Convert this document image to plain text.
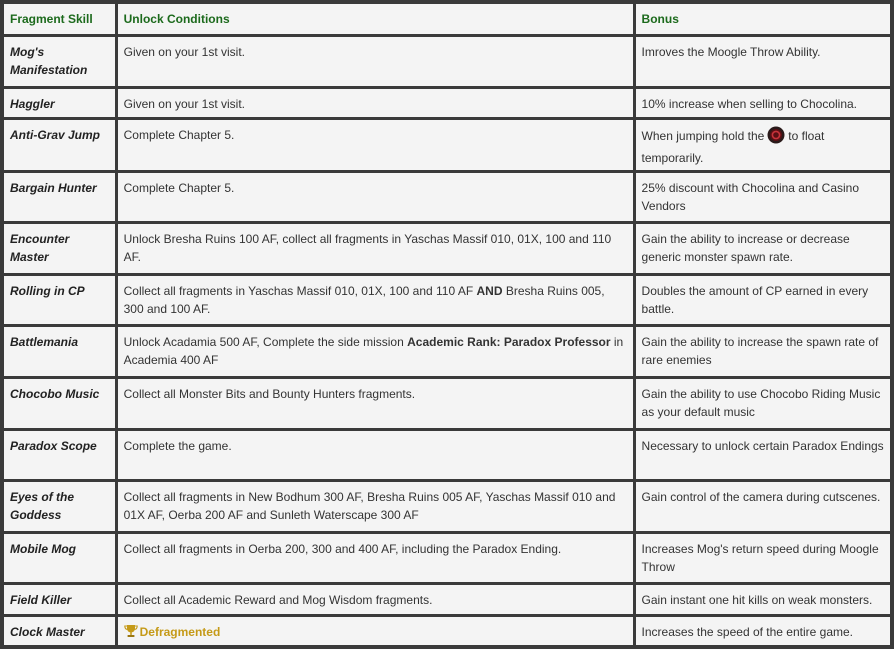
Fragment Skill	Unlock Conditions	Bonus
Mog's Manifestation	Given on your 1st visit.	Imroves the Moogle Throw Ability.
Haggler	Given on your 1st visit.	10% increase when selling to Chocolina.
Anti-Grav Jump	Complete Chapter 5.	When jumping hold the to float temporarily.
Bargain Hunter	Complete Chapter 5.	25% discount with Chocolina and Casino Vendors
Encounter Master	Unlock Bresha Ruins 100 AF, collect all fragments in Yaschas Massif 010, 01X, 100 and 110 AF.	Gain the ability to increase or decrease generic monster spawn rate.
Rolling in CP	Collect all fragments in Yaschas Massif 010, 01X, 100 and 110 AF AND Bresha Ruins 005, 300 and 100 AF.	Doubles the amount of CP earned in every battle.
Battlemania	Unlock Acadamia 500 AF, Complete the side mission Academic Rank: Paradox Professor in Academia 400 AF	Gain the ability to increase the spawn rate of rare enemies
Chocobo Music	Collect all Monster Bits and Bounty Hunters fragments.	Gain the ability to use Chocobo Riding Music as your default music
Paradox Scope	Complete the game.	Necessary to unlock certain Paradox Endings
Eyes of the Goddess	Collect all fragments in New Bodhum 300 AF, Bresha Ruins 005 AF, Yaschas Massif 010 and 01X AF, Oerba 200 AF and Sunleth Waterscape 300 AF	Gain control of the camera during cutscenes.
Mobile Mog	Collect all fragments in Oerba 200, 300 and 400 AF, including the Paradox Ending.	Increases Mog's return speed during Moogle Throw
Field Killer	Collect all Academic Reward and Mog Wisdom fragments.	Gain instant one hit kills on weak monsters.
Clock Master	Defragmented	Increases the speed of the entire game.
